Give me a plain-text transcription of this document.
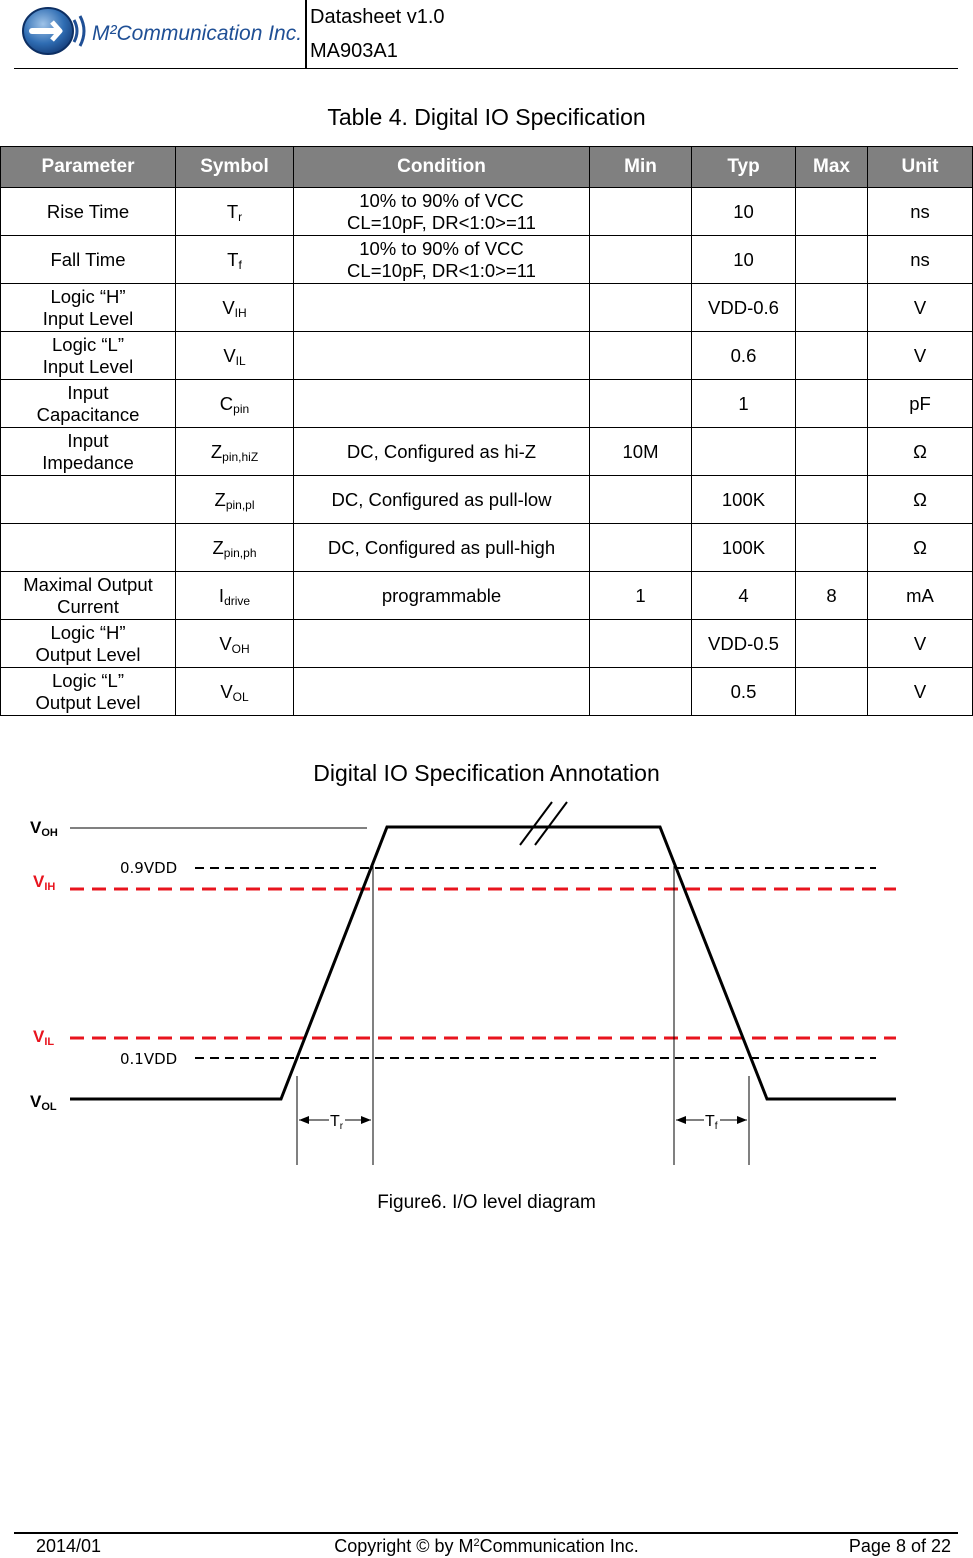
M²Communication Inc.
Datasheet v1.0
MA903A1
Table 4. Digital IO Specification
Parameter	Symbol	Condition	Min	Typ	Max	Unit

Rise Time	$T_r$	10% to 90% of VCC
CL=10pF, DR<1:0>=11		10		ns

Fall Time	$T_f$	10% to 90% of VCC
CL=10pF, DR<1:0>=11		10		ns

Logic “H”
Input Level	$V_{IH}$			VDD-0.6		V

Logic “L”
Input Level	$V_{IL}$			0.6		V

Input
Capacitance	$C_{pin}$			1		pF

Input
Impedance	$Z_{pin,hiZ}$	DC, Configured as hi-Z	10M			Ω
	$Z_{pin,pl}$	DC, Configured as pull-low		100K		Ω
	$Z_{pin,ph}$	DC, Configured as pull-high		100K		Ω

Maximal Output
Current	$I_{drive}$	programmable	1	4	8	mA

Logic “H”
Output Level	$V_{OH}$			VDD-0.5		V

Logic “L”
Output Level	$V_{OL}$			0.5		V
Digital IO Specification Annotation
VOH
0.9VDD
VIH
VIL
0.1VDD
VOL
Tr	Tf
Figure6. I/O level diagram
2014/01	Copyright © by $M^2Communication$ Inc.	Page 8 of 22
